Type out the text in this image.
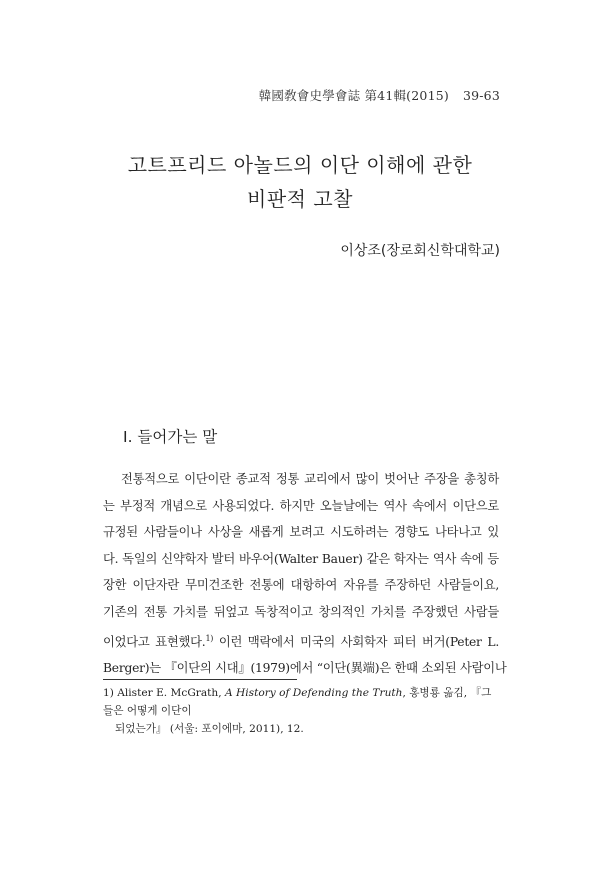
韓國敎會史學會誌 第41輯(2015) 39-63
고트프리드 아놀드의 이단 이해에 관한
비판적 고찰
이상조(장로회신학대학교)
Ⅰ. 들어가는 말
전통적으로 이단이란 종교적 정통 교리에서 많이 벗어난 주장을 총칭하
는 부정적 개념으로 사용되었다. 하지만 오늘날에는 역사 속에서 이단으로
규정된 사람들이나 사상을 새롭게 보려고 시도하려는 경향도 나타나고 있
다. 독일의 신약학자 발터 바우어(Walter Bauer) 같은 학자는 역사 속에 등
장한 이단자란 무미건조한 전통에 대항하여 자유를 주장하던 사람들이요,
기존의 전통 가치를 뒤엎고 독창적이고 창의적인 가치를 주장했던 사람들
이었다고 표현했다.$^{1)}$ 이런 맥락에서 미국의 사회학자 피터 버거(Peter L.
Berger)는 『이단의 시대』(1979)에서 “이단(異端)은 한때 소외된 사람이나
1) Alister E. McGrath, A History of Defending the Truth, 홍병룡 옮김, 『그들은 어떻게 이단이
되었는가』 (서울: 포이에마, 2011), 12.
